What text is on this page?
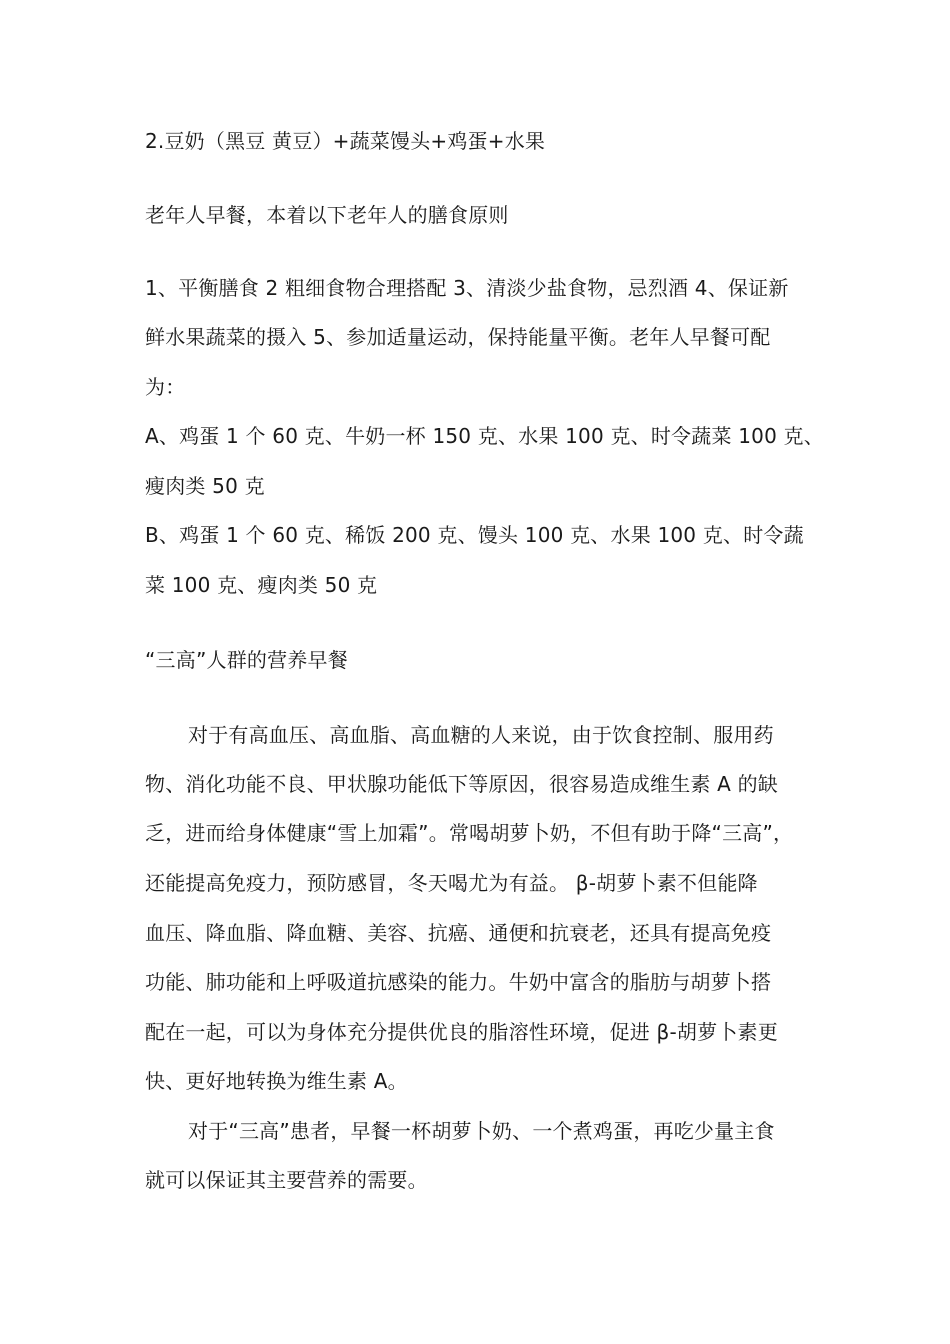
2.豆奶（黑豆 黄豆）+蔬菜馒头+鸡蛋+水果
老年人早餐，本着以下老年人的膳食原则
1、平衡膳食 2 粗细食物合理搭配 3、清淡少盐食物，忌烈酒 4、保证新
鲜水果蔬菜的摄入 5、参加适量运动，保持能量平衡。老年人早餐可配
为：
A、鸡蛋 1 个 60 克、牛奶一杯 150 克、水果 100 克、时令蔬菜 100 克、
瘦肉类 50 克
B、鸡蛋 1 个 60 克、稀饭 200 克、馒头 100 克、水果 100 克、时令蔬
菜 100 克、瘦肉类 50 克
“三高”人群的营养早餐
对于有高血压、高血脂、高血糖的人来说，由于饮食控制、服用药
物、消化功能不良、甲状腺功能低下等原因，很容易造成维生素 A 的缺
乏，进而给身体健康“雪上加霜”。常喝胡萝卜奶，不但有助于降“三高”，
还能提高免疫力，预防感冒，冬天喝尤为有益。 β-胡萝卜素不但能降
血压、降血脂、降血糖、美容、抗癌、通便和抗衰老，还具有提高免疫
功能、肺功能和上呼吸道抗感染的能力。牛奶中富含的脂肪与胡萝卜搭
配在一起，可以为身体充分提供优良的脂溶性环境，促进 β-胡萝卜素更
快、更好地转换为维生素 A。
对于“三高”患者，早餐一杯胡萝卜奶、一个煮鸡蛋，再吃少量主食
就可以保证其主要营养的需要。
